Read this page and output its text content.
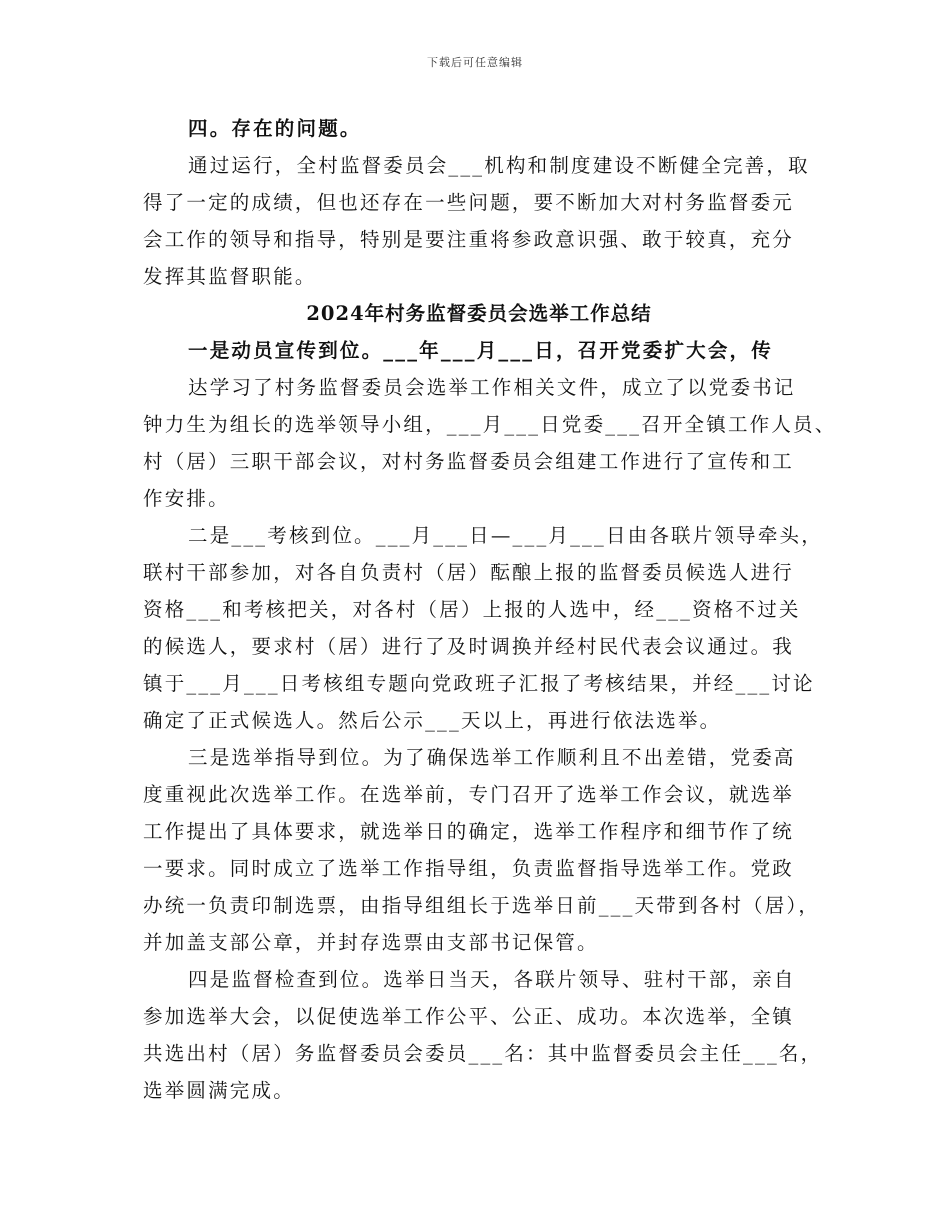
下载后可任意编辑
四。存在的问题。
通过运行，全村监督委员会___机构和制度建设不断健全完善，取
得了一定的成绩，但也还存在一些问题，要不断加大对村务监督委元
会工作的领导和指导，特别是要注重将参政意识强、敢于较真，充分
发挥其监督职能。
2024年村务监督委员会选举工作总结
一是动员宣传到位。___年___月___日，召开党委扩大会，传
达学习了村务监督委员会选举工作相关文件，成立了以党委书记
钟力生为组长的选举领导小组，___月___日党委___召开全镇工作人员、
村（居）三职干部会议，对村务监督委员会组建工作进行了宣传和工
作安排。
二是___考核到位。___月___日—___月___日由各联片领导牵头，
联村干部参加，对各自负责村（居）酝酿上报的监督委员候选人进行
资格___和考核把关，对各村（居）上报的人选中，经___资格不过关
的候选人，要求村（居）进行了及时调换并经村民代表会议通过。我
镇于___月___日考核组专题向党政班子汇报了考核结果，并经___讨论
确定了正式候选人。然后公示___天以上，再进行依法选举。
三是选举指导到位。为了确保选举工作顺利且不出差错，党委高
度重视此次选举工作。在选举前，专门召开了选举工作会议，就选举
工作提出了具体要求，就选举日的确定，选举工作程序和细节作了统
一要求。同时成立了选举工作指导组，负责监督指导选举工作。党政
办统一负责印制选票，由指导组组长于选举日前___天带到各村（居），
并加盖支部公章，并封存选票由支部书记保管。
四是监督检查到位。选举日当天，各联片领导、驻村干部，亲自
参加选举大会，以促使选举工作公平、公正、成功。本次选举，全镇
共选出村（居）务监督委员会委员___名：其中监督委员会主任___名，
选举圆满完成。
